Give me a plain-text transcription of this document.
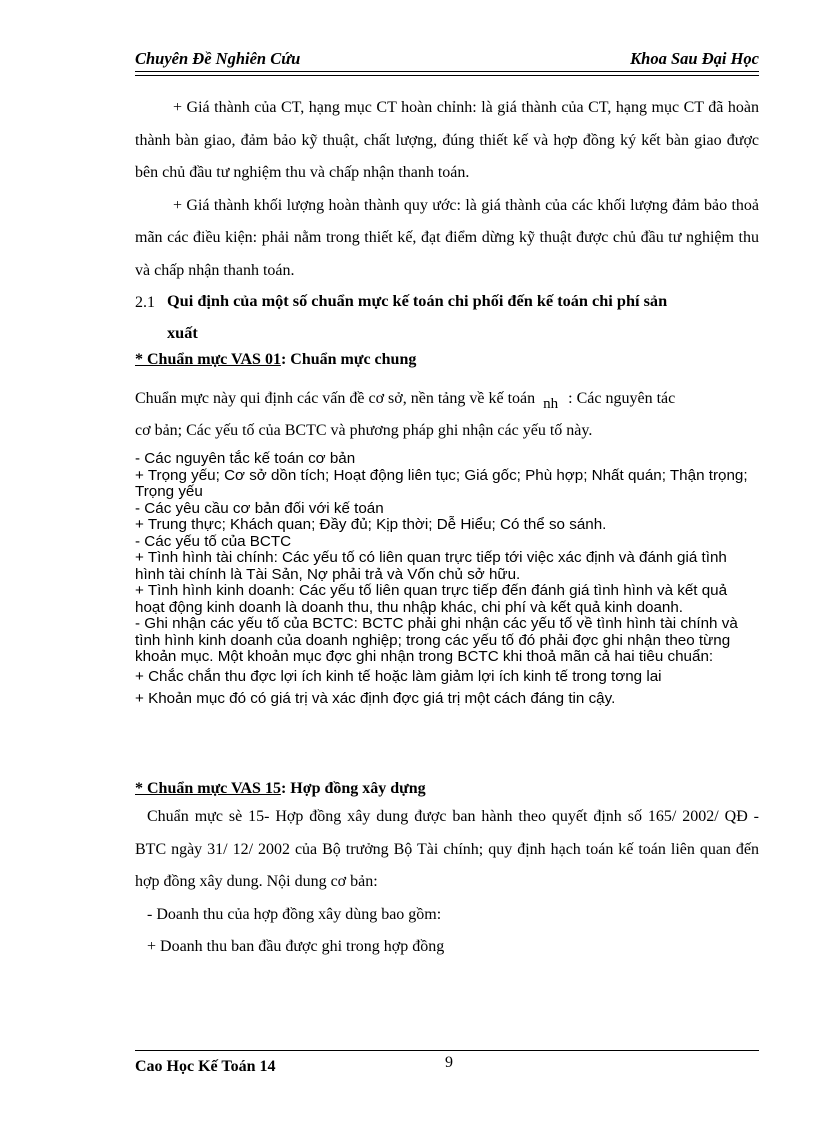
Chuyên Đề Nghiên Cứu	Khoa Sau Đại Học

+ Giá thành của CT, hạng mục CT hoàn chỉnh: là giá thành của CT, hạng mục CT đã hoàn thành bàn giao, đảm bảo kỹ thuật, chất lượng, đúng thiết kế và hợp đồng ký kết bàn giao được bên chủ đầu tư nghiệm thu và chấp nhận thanh toán.

+ Giá thành khối lượng hoàn thành quy ước: là giá thành của các khối lượng đảm bảo thoả mãn các điều kiện: phải nằm trong thiết kế, đạt điểm dừng kỹ thuật được chủ đầu tư nghiệm thu và chấp nhận thanh toán.

2.1 Qui định của một số chuẩn mực kế toán chi phối đến kế toán chi phí sản
xuất
* Chuẩn mực VAS 01: Chuẩn mực chung
Chuẩn mực này qui định các vấn đề cơ sở, nền tảng về kế toán nh : Các nguyên tác
cơ bản; Các yếu tố của BCTC và phương pháp ghi nhận các yếu tố này.

- Các nguyên tắc kế toán cơ bản

+ Trọng yếu; Cơ sở dồn tích; Hoạt động liên tục; Giá gốc; Phù hợp; Nhất quán; Thận trọng; Trọng yếu

- Các yêu cầu cơ bản đối với kế toán

+ Trung thực; Khách quan; Đầy đủ; Kịp thời; Dễ Hiểu; Có thể so sánh.

- Các yếu tố của BCTC

+ Tình hình tài chính: Các yếu tố có liên quan trực tiếp tới việc xác định và đánh giá tình hình tài chính là Tài Sản, Nợ phải trả và Vốn chủ sở hữu.

+ Tình hình kinh doanh: Các yếu tố liên quan trực tiếp đến đánh giá tình hình và kết quả hoạt động kinh doanh là doanh thu, thu nhập khác, chi phí và kết quả kinh doanh.

- Ghi nhận các yếu tố của BCTC: BCTC phải ghi nhận các yếu tố về tình hình tài chính và tình hình kinh doanh của doanh nghiệp; trong các yếu tố đó phải đợc ghi nhận theo từng khoản mục. Một khoản mục đợc ghi nhận trong BCTC khi thoả mãn cả hai tiêu chuẩn:

+ Chắc chắn thu đợc lợi ích kinh tế hoặc làm giảm lợi ích kinh tế trong tơng lai

+ Khoản mục đó có giá trị và xác định đợc giá trị một cách đáng tin cậy.

* Chuẩn mực VAS 15: Hợp đồng xây dựng

Chuẩn mực sè 15- Hợp đồng xây dung được ban hành theo quyết định số 165/ 2002/ QĐ - BTC ngày 31/ 12/ 2002 của Bộ trưởng Bộ Tài chính; quy định hạch toán kế toán liên quan đến hợp đồng xây dung. Nội dung cơ bản:

- Doanh thu của hợp đồng xây dùng bao gồm:

+ Doanh thu ban đầu được ghi trong hợp đồng

Cao Học Kế Toán 14	9
